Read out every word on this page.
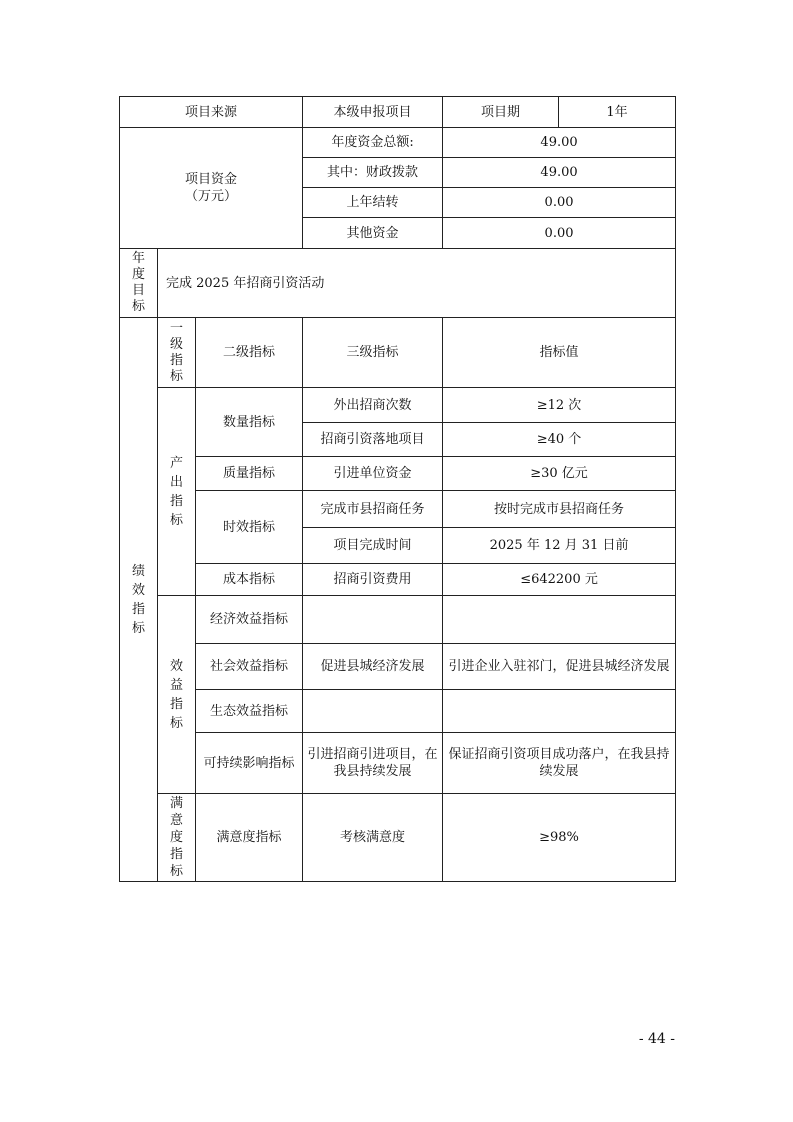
项目来源			本级申报项目	项目期	1年

项目资金
（万元）			年度资金总额:	49.00	
			其中：财政拨款	49.00	
			上年结转	0.00	
			其他资金	0.00	

年度目标	完成 2025 年招商引资活动				

绩效指标	一级指标	二级指标	三级指标	指标值	

	产出指标	数量指标	外出招商次数	≥12 次	
			招商引资落地项目	≥40 个	
		质量指标	引进单位资金	≥30 亿元	
		时效指标	完成市县招商任务	按时完成市县招商任务	
			项目完成时间	2025 年 12 月 31 日前	
		成本指标	招商引资费用	≤642200 元	

	效益指标	经济效益指标			
		社会效益指标	促进县城经济发展	引进企业入驻祁门，促进县城经济发展	
		生态效益指标			
		可持续影响指标	引进招商引进项目，在我县持续发展	保证招商引资项目成功落户，在我县持续发展	

	满意度指标	满意度指标	考核满意度	≥98%	
- 44 -
